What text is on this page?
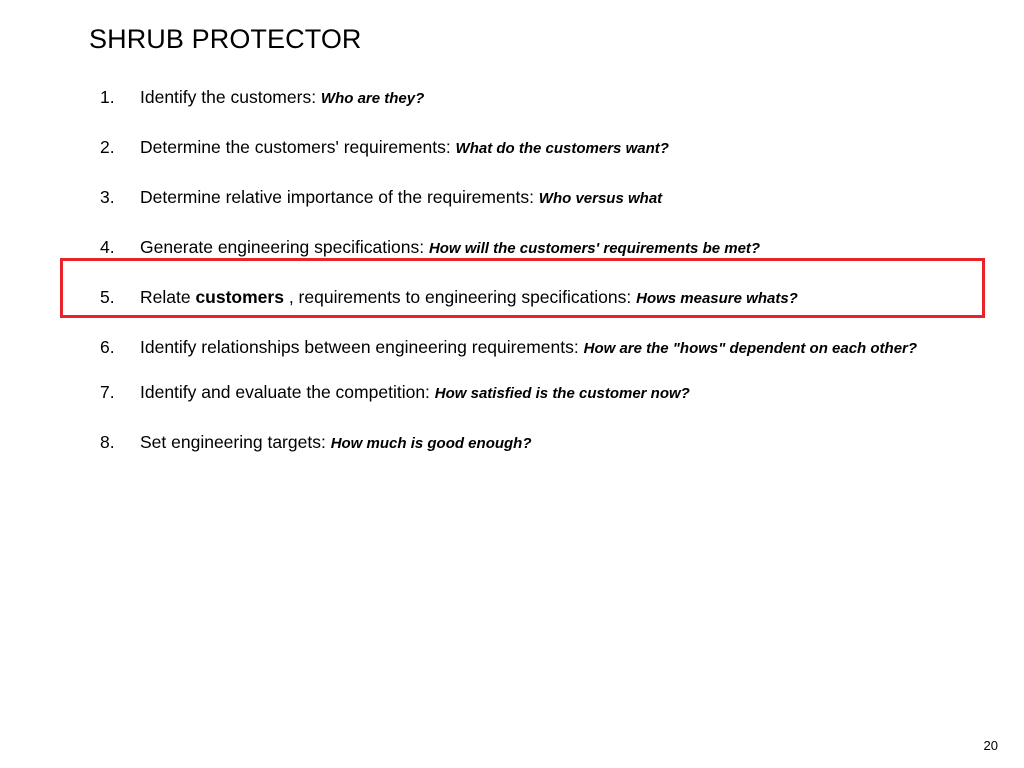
SHRUB PROTECTOR
1. Identify the customers: Who are they?
2. Determine the customers' requirements: What do the customers want?
3. Determine relative importance of the requirements: Who versus what
4. Generate engineering specifications: How will the customers' requirements be met?
5. Relate customers , requirements to engineering specifications: Hows measure whats?
6. Identify relationships between engineering requirements: How are the "hows" dependent on each other?
7. Identify and evaluate the competition: How satisfied is the customer now?
8. Set engineering targets: How much is good enough?
20
